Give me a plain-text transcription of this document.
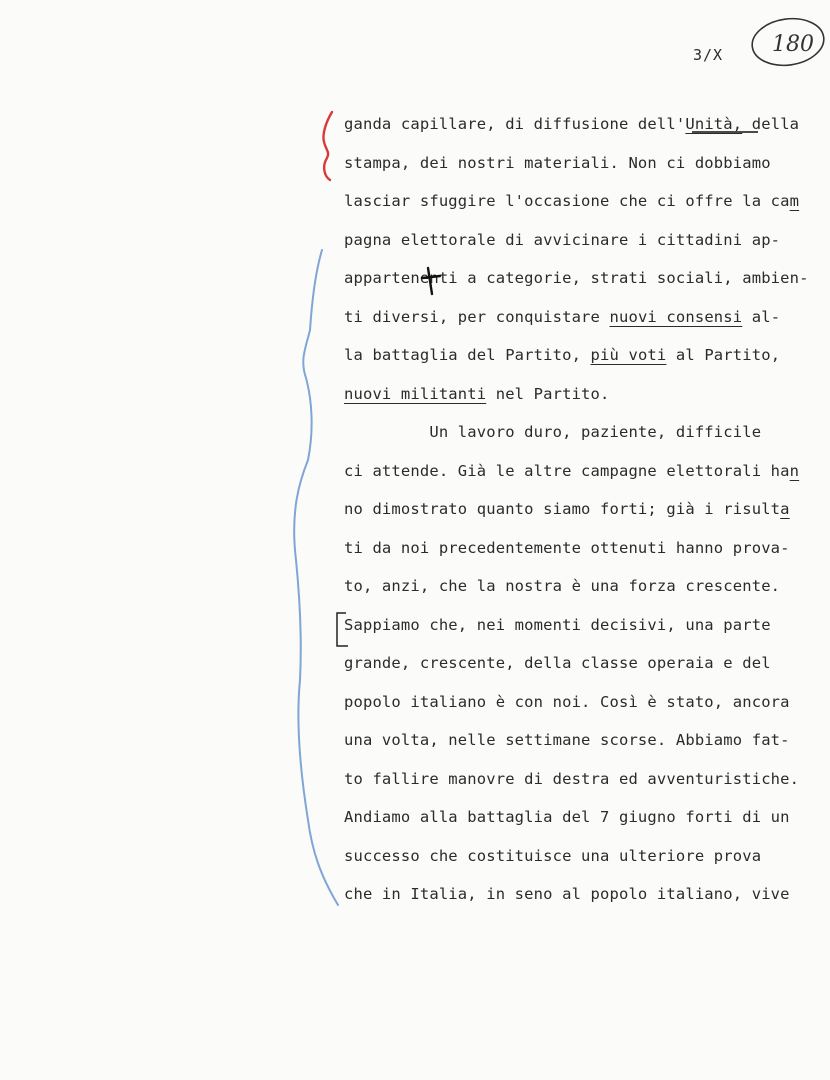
180
3/X
ganda capillare, di diffusione dell'Unità, della
stampa, dei nostri materiali. Non ci dobbiamo
lasciar sfuggire l'occasione che ci offre la cam
pagna elettorale di avvicinare i cittadini ap-
appartenenti a categorie, strati sociali, ambien-
ti diversi, per conquistare nuovi consensi al-
la battaglia del Partito, più voti al Partito,
nuovi militanti nel Partito.
Un lavoro duro, paziente, difficile
ci attende. Già le altre campagne elettorali han
no dimostrato quanto siamo forti; già i risulta
ti da noi precedentemente ottenuti hanno prova-
to, anzi, che la nostra è una forza crescente.
Sappiamo che, nei momenti decisivi, una parte
grande, crescente, della classe operaia e del
popolo italiano è con noi. Così è stato, ancora
una volta, nelle settimane scorse. Abbiamo fat-
to fallire manovre di destra ed avventuristiche.
Andiamo alla battaglia del 7 giugno forti di un
successo che costituisce una ulteriore prova
che in Italia, in seno al popolo italiano, vive
